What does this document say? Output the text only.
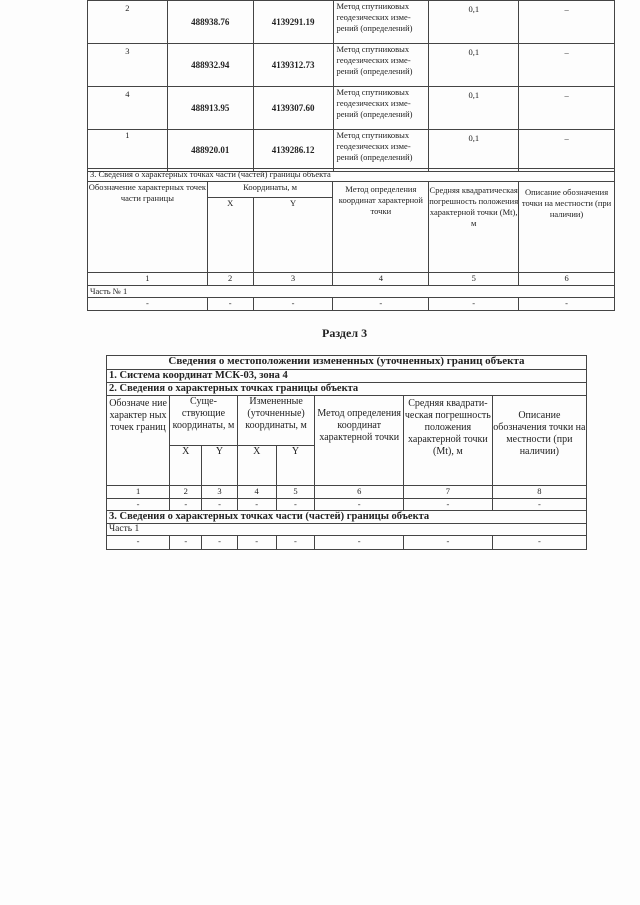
2	488938.76	4139291.19	Метод спутниковых геодезических изме-рений (определений)	0,1	–
3	488932.94	4139312.73	Метод спутниковых геодезических изме-рений (определений)	0,1	–
4	488913.95	4139307.60	Метод спутниковых геодезических изме-рений (определений)	0,1	–
1	488920.01	4139286.12	Метод спутниковых геодезических изме-рений (определений)	0,1	–
3. Сведения о характерных точках части (частей) границы объекта					
Обозначение характерных точек части границы	Координаты, м		Метод определения координат характерной точки	Средняя квадратическая погрешность положения характерной точки (Mt), м	Описание обозначения точки на местности (при наличии)
	X	Y			
1	2	3	4	5	6
Часть № 1					
-	-	-	-	-	-
Раздел 3
Сведения о местоположении измененных (уточненных) границ объекта							
1. Система координат МСК-03, зона 4							
2. Сведения о характерных точках границы объекта							
Обозначе ние характер ных точек границ	Суще-ствующие координаты, м		Измененные (уточненные) координаты, м		Метод определения координат характерной точки	Средняя квадрати-ческая погрешность положения характерной точки (Mt), м	Описание обозначения точки на местности (при наличии)
	X	Y	X	Y			
1	2	3	4	5	6	7	8
-	-	-	-	-	-	-	-
3. Сведения о характерных точках части (частей) границы объекта							
Часть 1							
-	-	-	-	-	-	-	-
